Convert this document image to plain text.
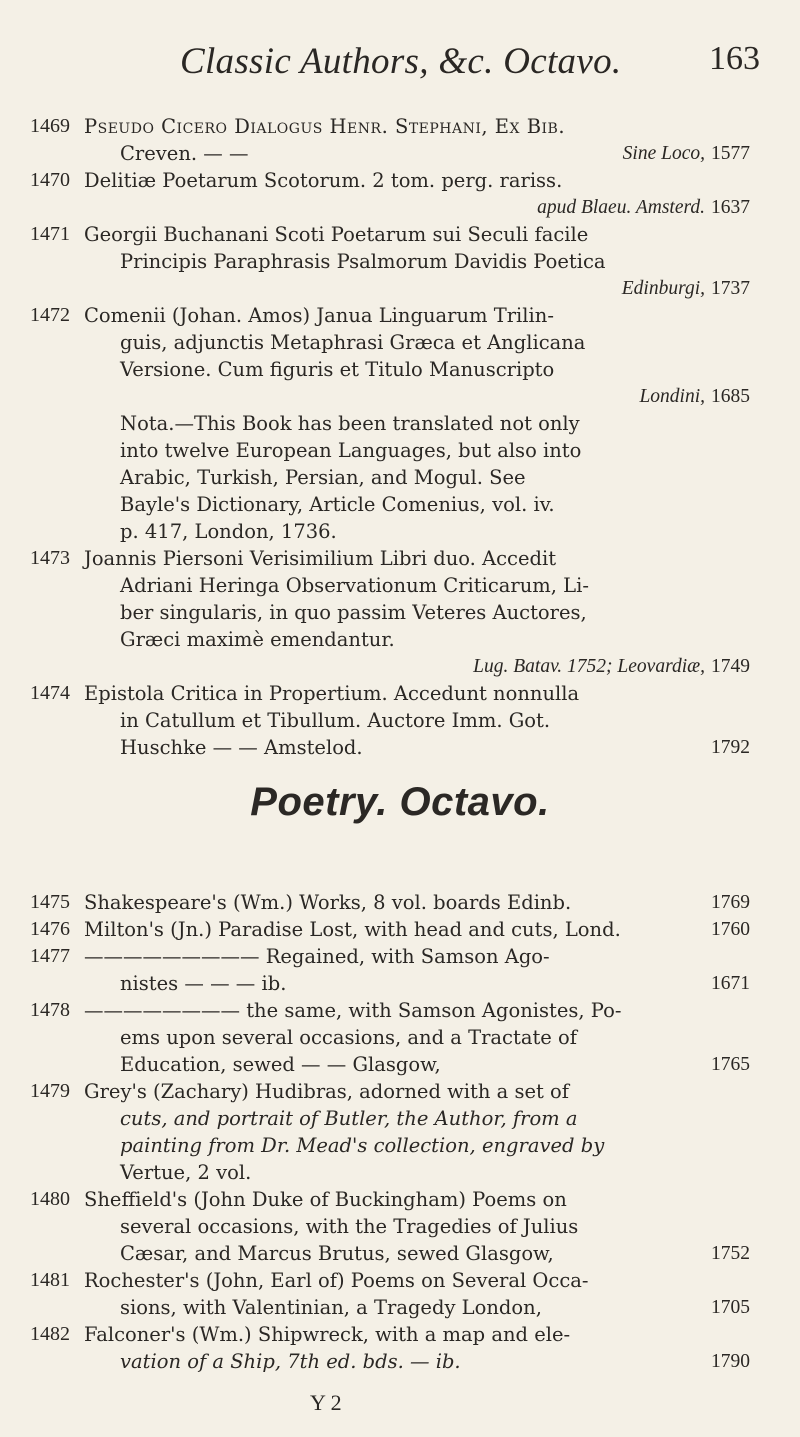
Classic Authors, &c. Octavo.	163
1469 Pseudo Cicero Dialogus Henr. Stephani, Ex Bib.
Creven. — —	Sine Loco, 1577
1470 Delitiæ Poetarum Scotorum. 2 tom. perg. rariss.
apud Blaeu. Amsterd. 1637
1471 Georgii Buchanani Scoti Poetarum sui Seculi facile
Principis Paraphrasis Psalmorum Davidis Poetica
Edinburgi, 1737
1472 Comenii (Johan. Amos) Janua Linguarum Trilin-
guis, adjunctis Metaphrasi Græca et Anglicana
Versione. Cum figuris et Titulo Manuscripto
Londini, 1685
Nota.—This Book has been translated not only
into twelve European Languages, but also into
Arabic, Turkish, Persian, and Mogul. See
Bayle's Dictionary, Article Comenius, vol. iv.
p. 417, London, 1736.
1473 Joannis Piersoni Verisimilium Libri duo. Accedit
Adriani Heringa Observationum Criticarum, Li-
ber singularis, in quo passim Veteres Auctores,
Græci maximè emendantur.
Lug. Batav. 1752; Leovardiæ, 1749
1474 Epistola Critica in Propertium. Accedunt nonnulla
in Catullum et Tibullum. Auctore Imm. Got.
Huschke — — Amstelod.	1792
Poetry. Octavo.
1475 Shakespeare's (Wm.) Works, 8 vol. boards Edinb.	1769
1476 Milton's (Jn.) Paradise Lost, with head and cuts, Lond.	1760
1477 ————————— Regained, with Samson Ago-
nistes — — — ib.	1671
1478 ———————— the same, with Samson Agonistes, Po-
ems upon several occasions, and a Tractate of
Education, sewed — — Glasgow,	1765
1479 Grey's (Zachary) Hudibras, adorned with a set of
cuts, and portrait of Butler, the Author, from a
painting from Dr. Mead's collection, engraved by
Vertue, 2 vol.
1480 Sheffield's (John Duke of Buckingham) Poems on
several occasions, with the Tragedies of Julius
Cæsar, and Marcus Brutus, sewed Glasgow,	1752
1481 Rochester's (John, Earl of) Poems on Several Occa-
sions, with Valentinian, a Tragedy London,	1705
1482 Falconer's (Wm.) Shipwreck, with a map and ele-
vation of a Ship, 7th ed. bds. — ib.	1790
Y 2
